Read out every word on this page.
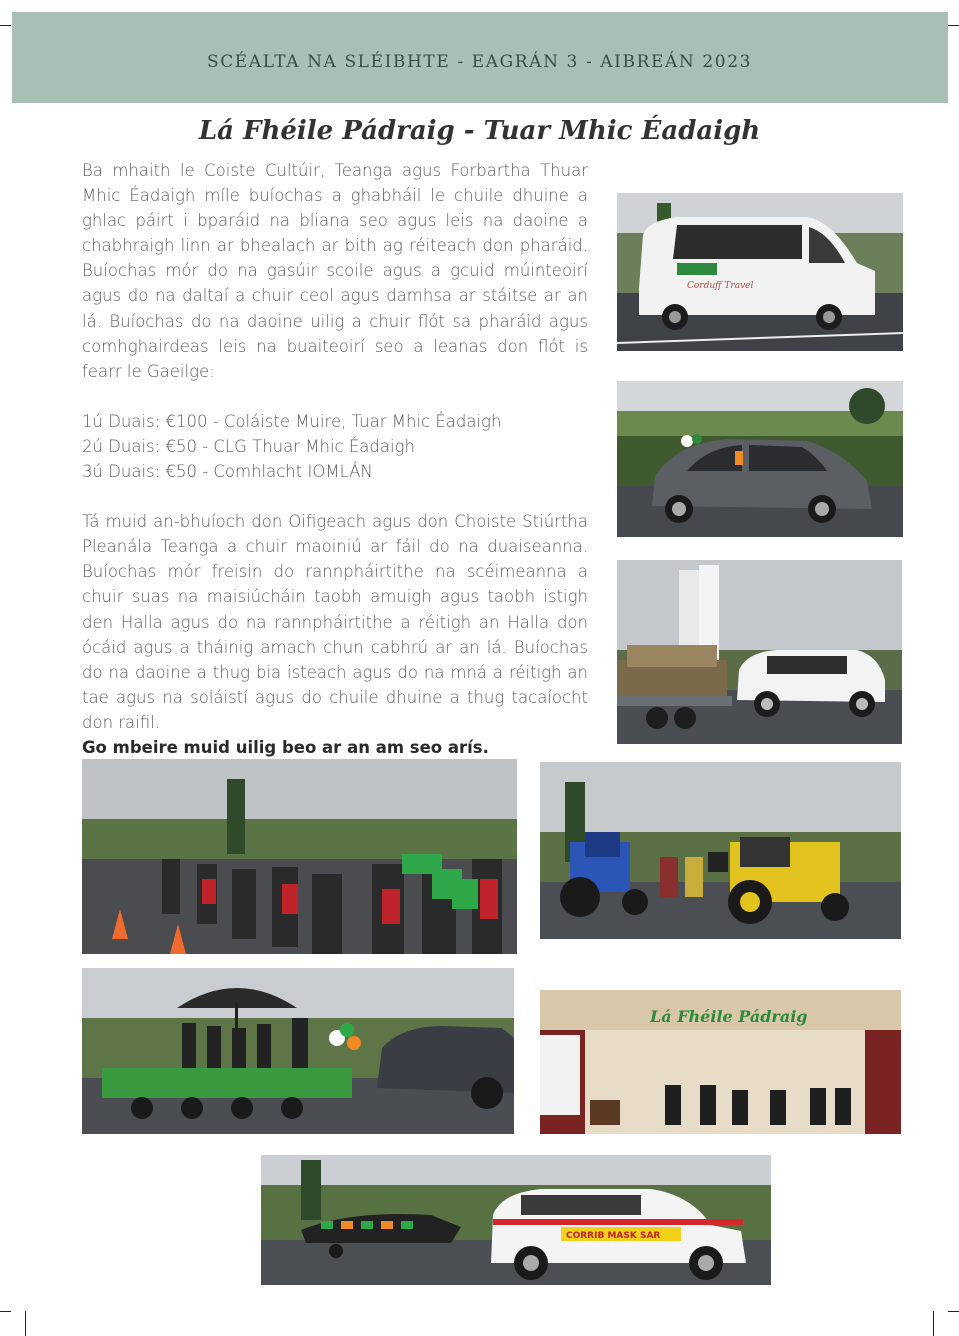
SCÉALTA NA SLÉIBHTE - EAGRÁN 3 - AIBREÁN 2023
Lá Fhéile Pádraig - Tuar Mhic Éadaigh

Ba mhaith le Coiste Cultúir, Teanga agus Forbartha Thuar Mhic Éadaigh míle buíochas a ghabháil le chuile dhuine a ghlac páirt i bparáid na bliana seo agus leis na daoine a chabhraigh linn ar bhealach ar bith ag réiteach don pharáid. Buíochas mór do na gasúir scoile agus a gcuid múinteoirí agus do na daltaí a chuir ceol agus damhsa ar stáitse ar an lá. Buíochas do na daoine uilig a chuir flót sa pharáid agus comhghairdeas leis na buaiteoirí seo a leanas don flót is fearr le Gaeilge:

1ú Duais: €100 - Coláiste Muire, Tuar Mhic Éadaigh

2ú Duais: €50 - CLG Thuar Mhic Éadaigh

3ú Duais: €50 - Comhlacht IOMLÁN

Tá muid an-bhuíoch don Oifigeach agus don Choiste Stiúrtha Pleanála Teanga a chuir maoiniú ar fáil do na duaiseanna. Buíochas mór freisin do rannpháirtithe na scéimeanna a chuir suas na maisiúcháin taobh amuigh agus taobh istigh den Halla agus do na rannpháirtithe a réitigh an Halla don ócáid agus a tháinig amach chun cabhrú ar an lá. Buíochas do na daoine a thug bia isteach agus do na mná a réitigh an tae agus na soláistí agus do chuile dhuine a thug tacaíocht don raifil.

Go mbeire muid uilig beo ar an am seo arís.

Corduff Travel
Lá Fhéile Pádraig
CORRIB MASK SAR
